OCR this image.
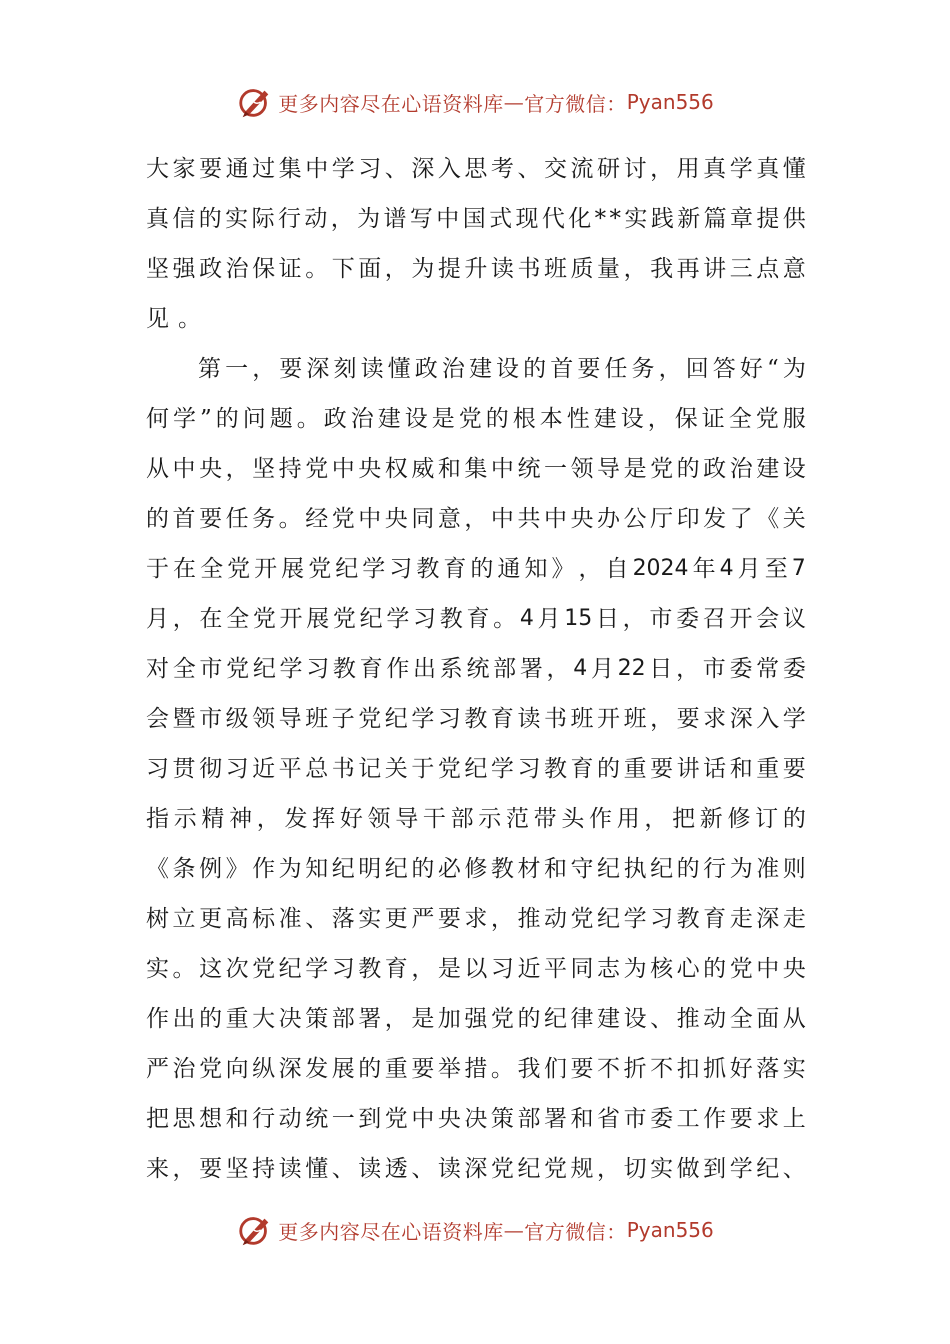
更多内容尽在心语资料库 — 官方微信： Pyan556
大 家 要 通 过 集 中 学 习 、 深 入 思 考 、 交 流 研 讨 ， 用 真 学 真 懂
真 信 的 实 际 行 动 ， 为 谱 写 中 国 式 现 代 化 * * 实 践 新 篇 章 提 供
坚 强 政 治 保 证 。 下 面 ， 为 提 升 读 书 班 质 量 ， 我 再 讲 三 点 意
见 。
第 一 ， 要 深 刻 读 懂 政 治 建 设 的 首 要 任 务 ， 回 答 好 “ 为
何 学 ” 的 问 题 。 政 治 建 设 是 党 的 根 本 性 建 设 ， 保 证 全 党 服
从 中 央 ， 坚 持 党 中 央 权 威 和 集 中 统 一 领 导 是 党 的 政 治 建 设
的 首 要 任 务 。 经 党 中 央 同 意 ， 中 共 中 央 办 公 厅 印 发 了 《 关
于 在 全 党 开 展 党 纪 学 习 教 育 的 通 知 》 ， 自 2024 年 4 月 至 7
月 ， 在 全 党 开 展 党 纪 学 习 教 育 。 4 月 15 日 ， 市 委 召 开 会 议
对 全 市 党 纪 学 习 教 育 作 出 系 统 部 署 ， 4 月 22 日 ， 市 委 常 委
会 暨 市 级 领 导 班 子 党 纪 学 习 教 育 读 书 班 开 班 ， 要 求 深 入 学
习 贯 彻 习 近 平 总 书 记 关 于 党 纪 学 习 教 育 的 重 要 讲 话 和 重 要
指 示 精 神 ， 发 挥 好 领 导 干 部 示 范 带 头 作 用 ， 把 新 修 订 的
《 条 例 》 作 为 知 纪 明 纪 的 必 修 教 材 和 守 纪 执 纪 的 行 为 准 则
树 立 更 高 标 准 、 落 实 更 严 要 求 ， 推 动 党 纪 学 习 教 育 走 深 走
实 。 这 次 党 纪 学 习 教 育 ， 是 以 习 近 平 同 志 为 核 心 的 党 中 央
作 出 的 重 大 决 策 部 署 ， 是 加 强 党 的 纪 律 建 设 、 推 动 全 面 从
严 治 党 向 纵 深 发 展 的 重 要 举 措 。 我 们 要 不 折 不 扣 抓 好 落 实
把 思 想 和 行 动 统 一 到 党 中 央 决 策 部 署 和 省 市 委 工 作 要 求 上
来 ， 要 坚 持 读 懂 、 读 透 、 读 深 党 纪 党 规 ， 切 实 做 到 学 纪 、
更多内容尽在心语资料库 — 官方微信： Pyan556
